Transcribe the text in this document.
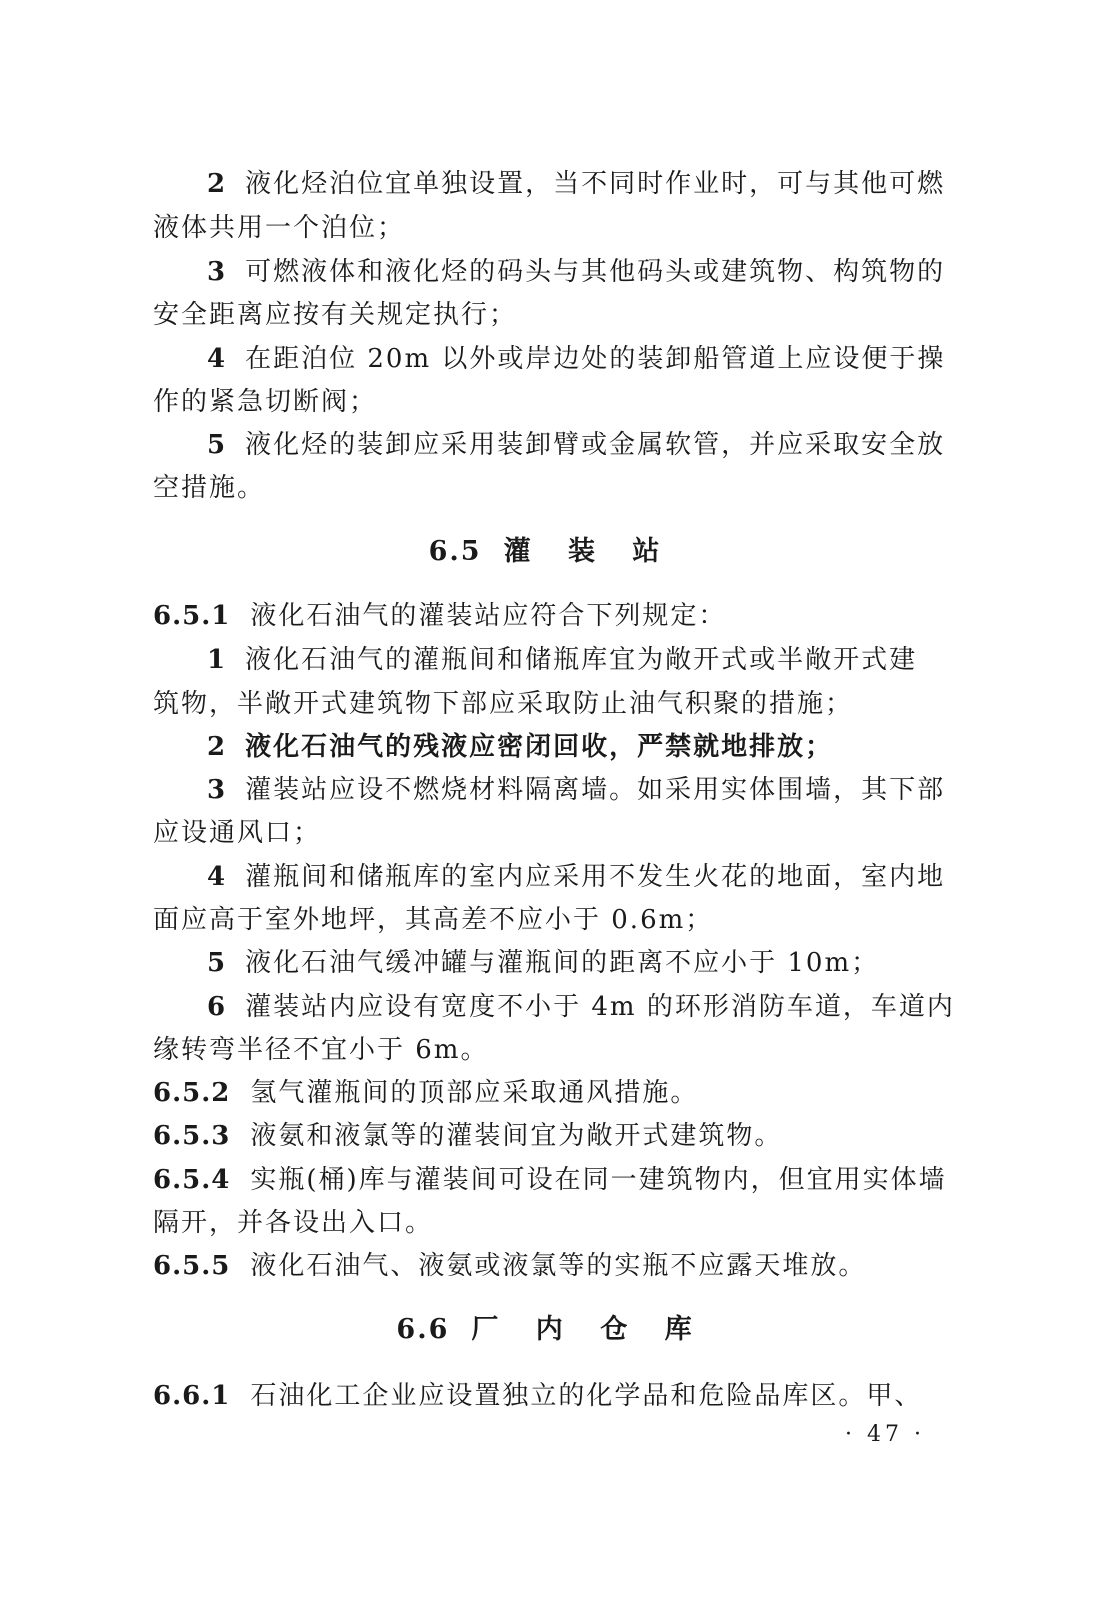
2 液化烃泊位宜单独设置，当不同时作业时，可与其他可燃
液体共用一个泊位；
3 可燃液体和液化烃的码头与其他码头或建筑物、构筑物的
安全距离应按有关规定执行；
4 在距泊位 20m 以外或岸边处的装卸船管道上应设便于操
作的紧急切断阀；
5 液化烃的装卸应采用装卸臂或金属软管，并应采取安全放
空措施。
6.5 灌 装 站
6.5.1 液化石油气的灌装站应符合下列规定：
1 液化石油气的灌瓶间和储瓶库宜为敞开式或半敞开式建
筑物，半敞开式建筑物下部应采取防止油气积聚的措施；
2 液化石油气的残液应密闭回收，严禁就地排放；
3 灌装站应设不燃烧材料隔离墙。如采用实体围墙，其下部
应设通风口；
4 灌瓶间和储瓶库的室内应采用不发生火花的地面，室内地
面应高于室外地坪，其高差不应小于 0.6m；
5 液化石油气缓冲罐与灌瓶间的距离不应小于 10m；
6 灌装站内应设有宽度不小于 4m 的环形消防车道，车道内
缘转弯半径不宜小于 6m。
6.5.2 氢气灌瓶间的顶部应采取通风措施。
6.5.3 液氨和液氯等的灌装间宜为敞开式建筑物。
6.5.4 实瓶(桶)库与灌装间可设在同一建筑物内，但宜用实体墙
隔开，并各设出入口。
6.5.5 液化石油气、液氨或液氯等的实瓶不应露天堆放。
6.6 厂 内 仓 库
6.6.1 石油化工企业应设置独立的化学品和危险品库区。甲、
· 47 ·
